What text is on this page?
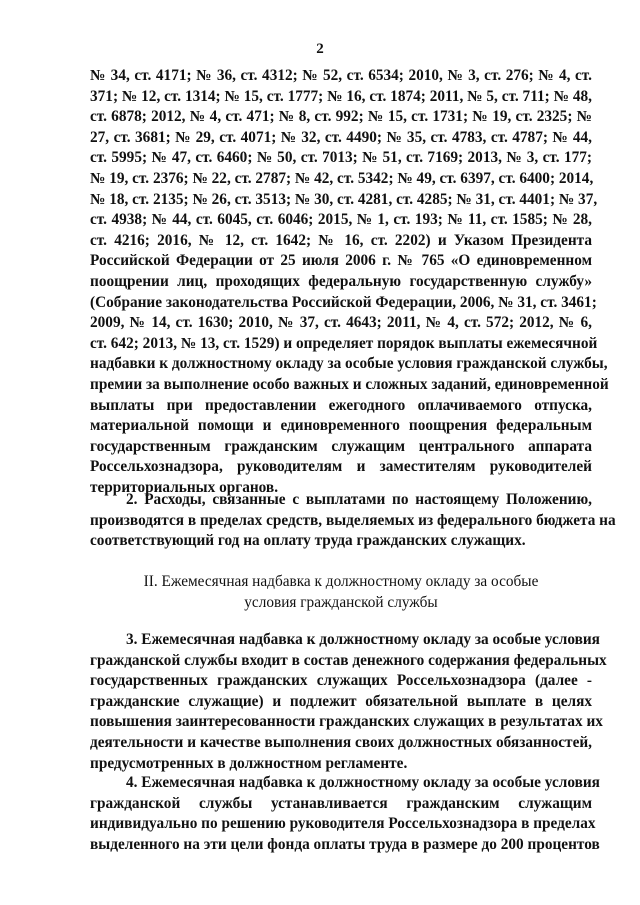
2
№ 34, ст. 4171; № 36, ст. 4312; № 52, ст. 6534; 2010, № 3, ст. 276; № 4, ст.
371; № 12, ст. 1314; № 15, ст. 1777; № 16, ст. 1874; 2011, № 5, ст. 711; № 48,
ст. 6878; 2012, № 4, ст. 471; № 8, ст. 992; № 15, ст. 1731; № 19, ст. 2325; №
27, ст. 3681; № 29, ст. 4071; № 32, ст. 4490; № 35, ст. 4783, ст. 4787; № 44,
ст. 5995; № 47, ст. 6460; № 50, ст. 7013; № 51, ст. 7169; 2013, № 3, ст. 177;
№ 19, ст. 2376; № 22, ст. 2787; № 42, ст. 5342; № 49, ст. 6397, ст. 6400; 2014,
№ 18, ст. 2135; № 26, ст. 3513; № 30, ст. 4281, ст. 4285; № 31, ст. 4401; № 37,
ст. 4938; № 44, ст. 6045, ст. 6046; 2015, № 1, ст. 193; № 11, ст. 1585; № 28,
ст. 4216; 2016, № 12, ст. 1642; № 16, ст. 2202) и Указом Президента
Российской Федерации от 25 июля 2006 г. № 765 «О единовременном
поощрении лиц, проходящих федеральную государственную службу»
(Собрание законодательства Российской Федерации, 2006, № 31, ст. 3461;
2009, № 14, ст. 1630; 2010, № 37, ст. 4643; 2011, № 4, ст. 572; 2012, № 6,
ст. 642; 2013, № 13, ст. 1529) и определяет порядок выплаты ежемесячной
надбавки к должностному окладу за особые условия гражданской службы,
премии за выполнение особо важных и сложных заданий, единовременной
выплаты при предоставлении ежегодного оплачиваемого отпуска,
материальной помощи и единовременного поощрения федеральным
государственным гражданским служащим центрального аппарата
Россельхознадзора, руководителям и заместителям руководителей
территориальных органов.
2. Расходы, связанные с выплатами по настоящему Положению,
производятся в пределах средств, выделяемых из федерального бюджета на
соответствующий год на оплату труда гражданских служащих.
II. Ежемесячная надбавка к должностному окладу за особые
условия гражданской службы
3. Ежемесячная надбавка к должностному окладу за особые условия
гражданской службы входит в состав денежного содержания федеральных
государственных гражданских служащих Россельхознадзора (далее -
гражданские служащие) и подлежит обязательной выплате в целях
повышения заинтересованности гражданских служащих в результатах их
деятельности и качестве выполнения своих должностных обязанностей,
предусмотренных в должностном регламенте.
4. Ежемесячная надбавка к должностному окладу за особые условия
гражданской службы устанавливается гражданским служащим
индивидуально по решению руководителя Россельхознадзора в пределах
выделенного на эти цели фонда оплаты труда в размере до 200 процентов
